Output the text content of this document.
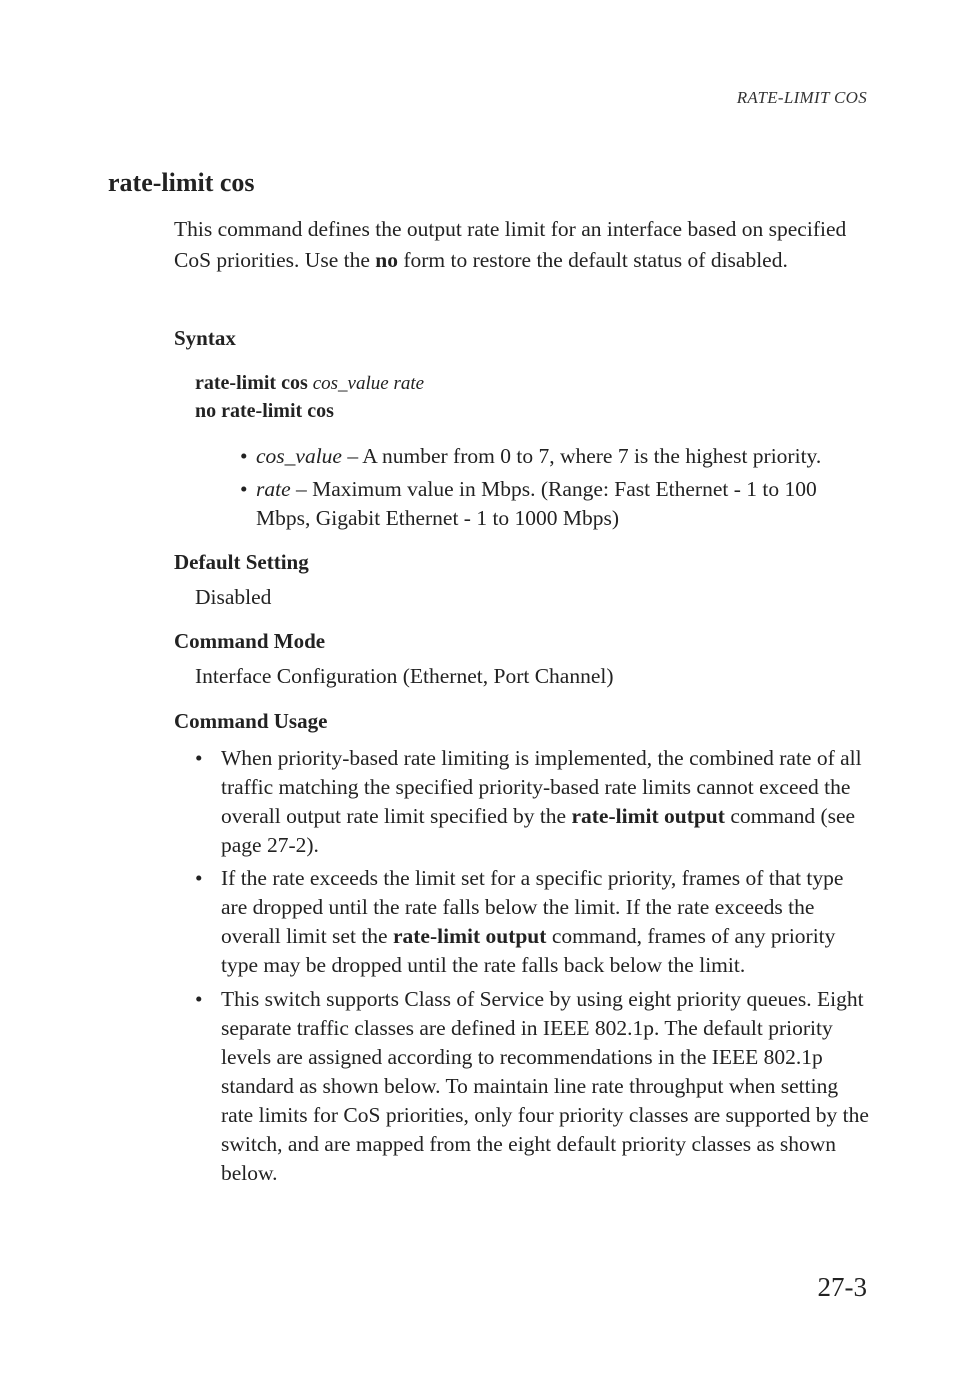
RATE-LIMIT COS
rate-limit cos
This command defines the output rate limit for an interface based on specified CoS priorities. Use the no form to restore the default status of disabled.
Syntax
rate-limit cos cos_value rate
no rate-limit cos
• cos_value – A number from 0 to 7, where 7 is the highest priority.
• rate – Maximum value in Mbps. (Range: Fast Ethernet - 1 to 100 Mbps, Gigabit Ethernet - 1 to 1000 Mbps)
Default Setting
Disabled
Command Mode
Interface Configuration (Ethernet, Port Channel)
Command Usage
• When priority-based rate limiting is implemented, the combined rate of all traffic matching the specified priority-based rate limits cannot exceed the overall output rate limit specified by the rate-limit output command (see page 27-2).
• If the rate exceeds the limit set for a specific priority, frames of that type are dropped until the rate falls below the limit. If the rate exceeds the overall limit set the rate-limit output command, frames of any priority type may be dropped until the rate falls back below the limit.
• This switch supports Class of Service by using eight priority queues. Eight separate traffic classes are defined in IEEE 802.1p. The default priority levels are assigned according to recommendations in the IEEE 802.1p standard as shown below. To maintain line rate throughput when setting rate limits for CoS priorities, only four priority classes are supported by the switch, and are mapped from the eight default priority classes as shown below.
27-3
